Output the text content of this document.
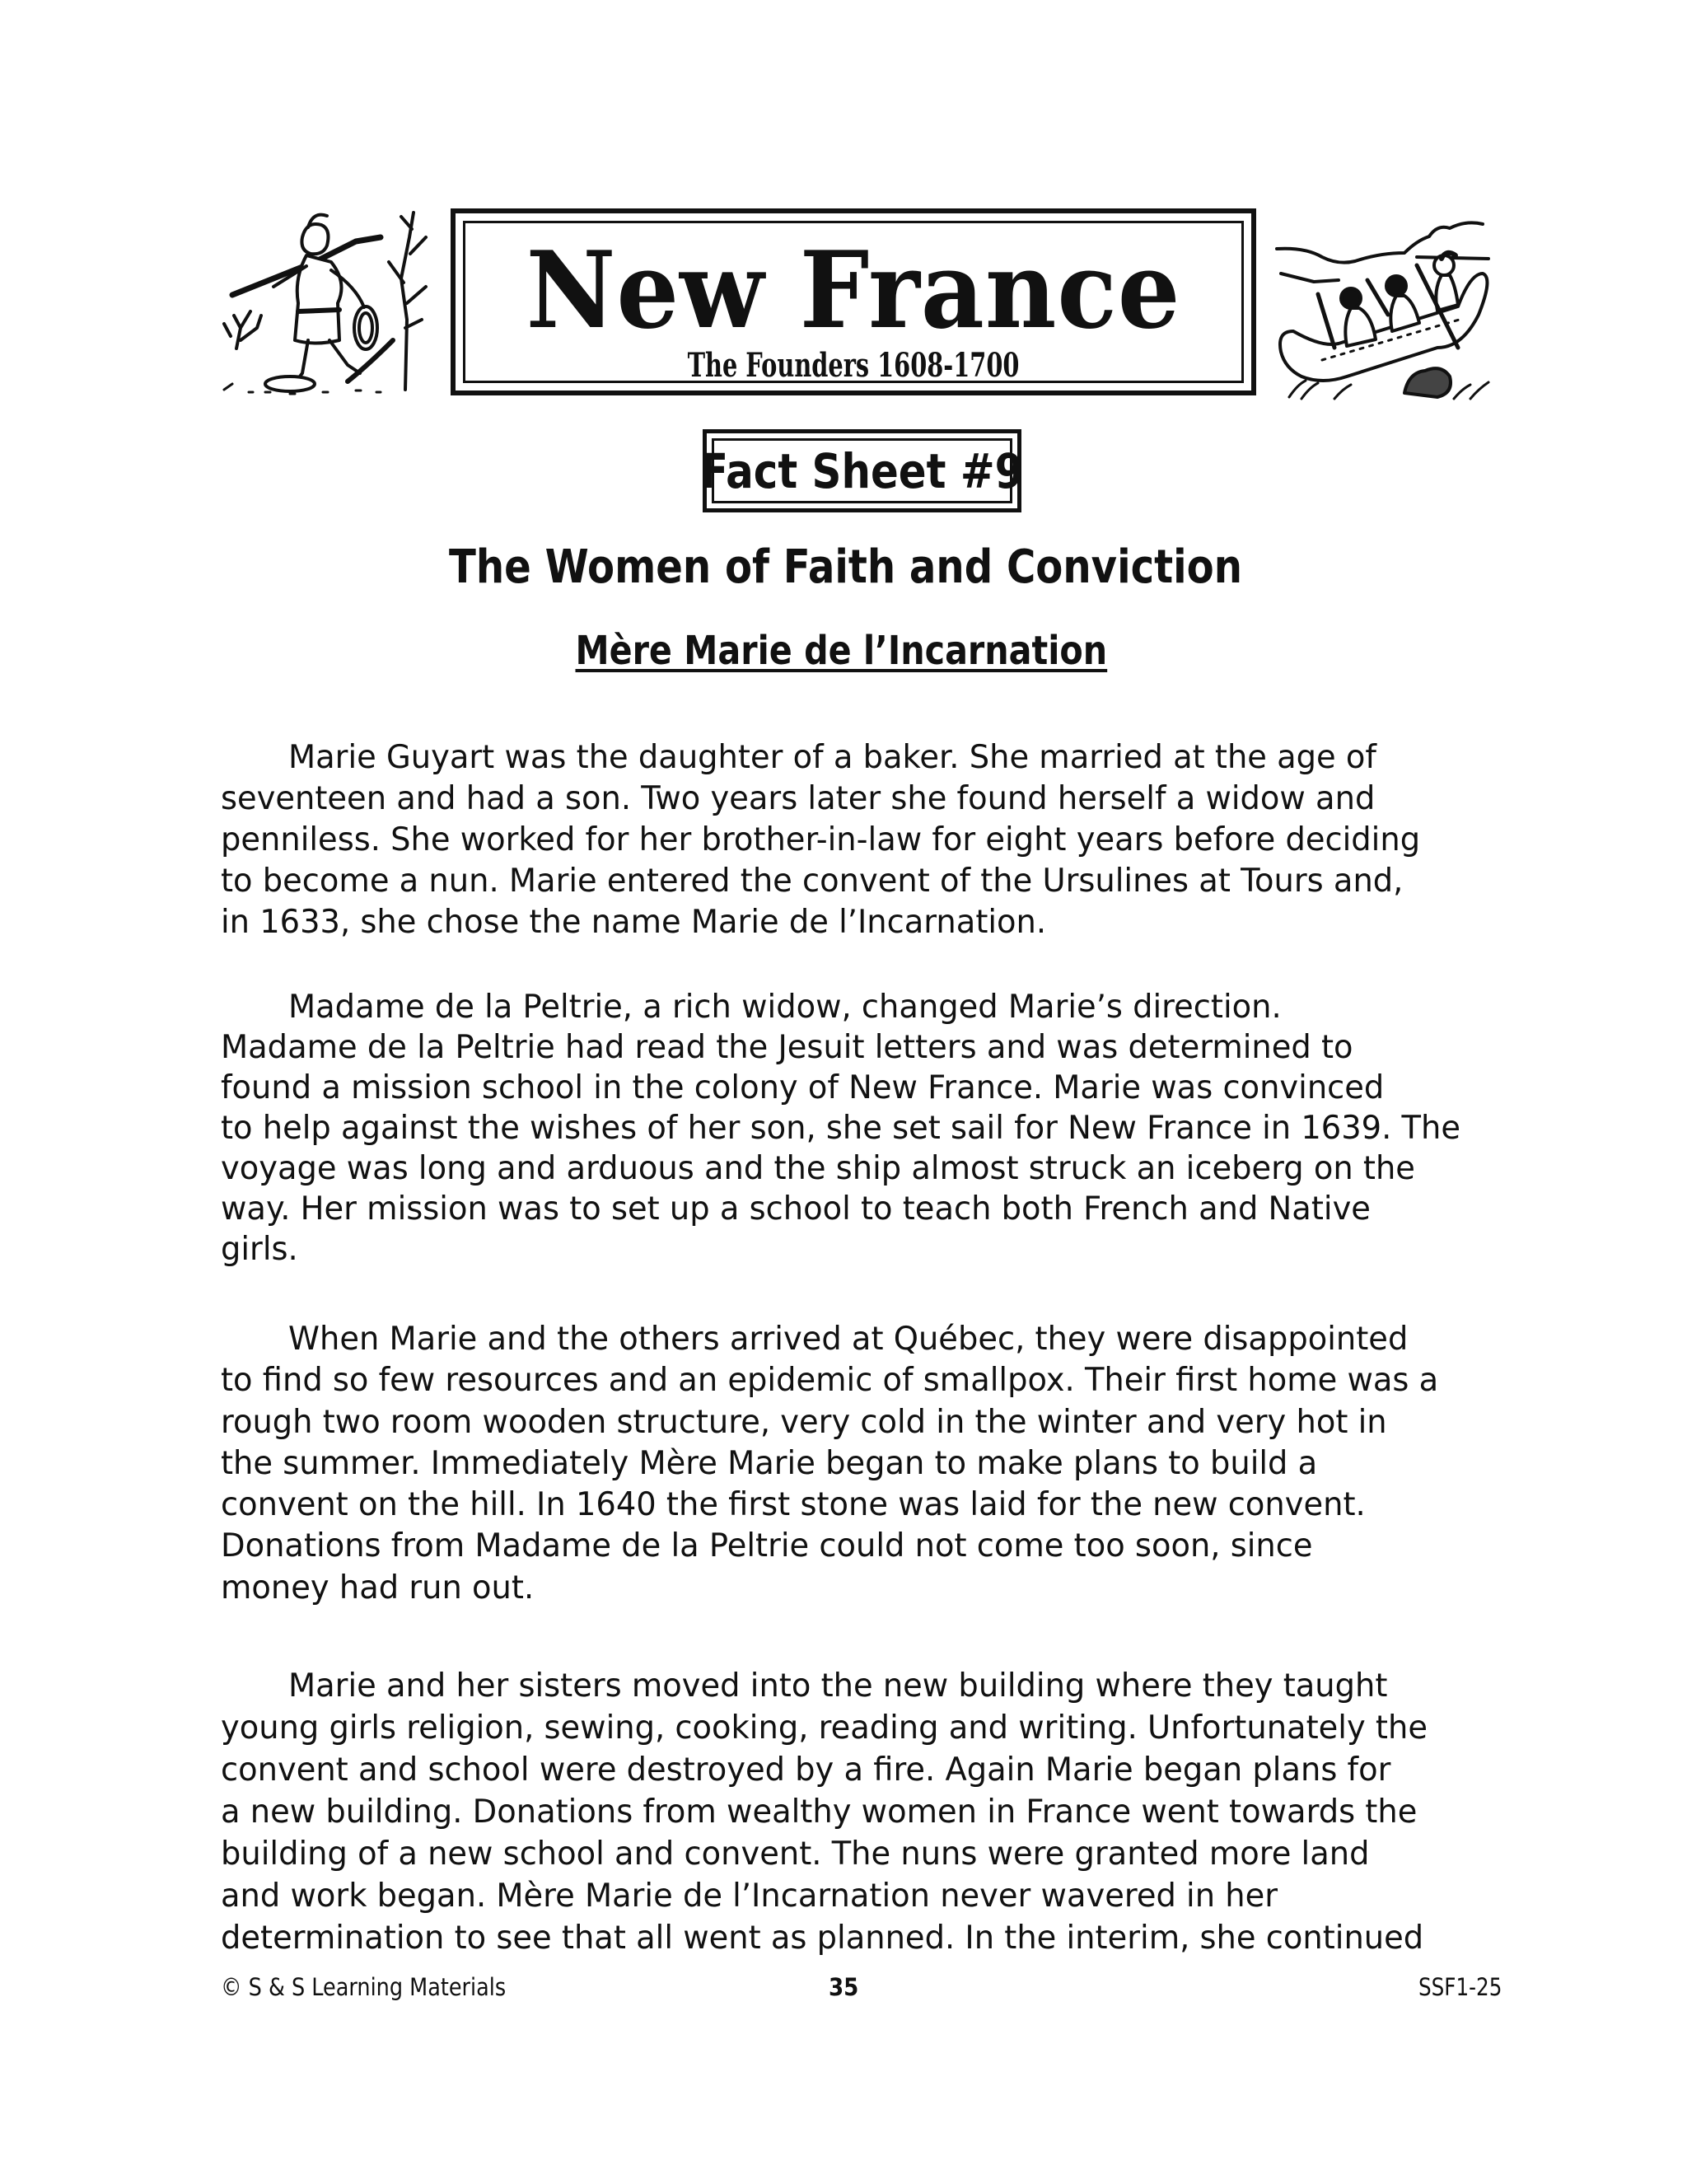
New France
The Founders 1608-1700
Fact Sheet #9
The Women of Faith and Conviction
Mère Marie de l’Incarnation
Marie Guyart was the daughter of a baker. She married at the age of
seventeen and had a son. Two years later she found herself a widow and
penniless. She worked for her brother-in-law for eight years before deciding
to become a nun. Marie entered the convent of the Ursulines at Tours and,
in 1633, she chose the name Marie de l’Incarnation.
Madame de la Peltrie, a rich widow, changed Marie’s direction.
Madame de la Peltrie had read the Jesuit letters and was determined to
found a mission school in the colony of New France. Marie was convinced
to help against the wishes of her son, she set sail for New France in 1639. The
voyage was long and arduous and the ship almost struck an iceberg on the
way. Her mission was to set up a school to teach both French and Native
girls.
When Marie and the others arrived at Québec, they were disappointed
to find so few resources and an epidemic of smallpox. Their first home was a
rough two room wooden structure, very cold in the winter and very hot in
the summer. Immediately Mère Marie began to make plans to build a
convent on the hill. In 1640 the first stone was laid for the new convent.
Donations from Madame de la Peltrie could not come too soon, since
money had run out.
Marie and her sisters moved into the new building where they taught
young girls religion, sewing, cooking, reading and writing. Unfortunately the
convent and school were destroyed by a fire. Again Marie began plans for
a new building. Donations from wealthy women in France went towards the
building of a new school and convent. The nuns were granted more land
and work began. Mère Marie de l’Incarnation never wavered in her
determination to see that all went as planned. In the interim, she continued
© S & S Learning Materials	35	SSF1-25
